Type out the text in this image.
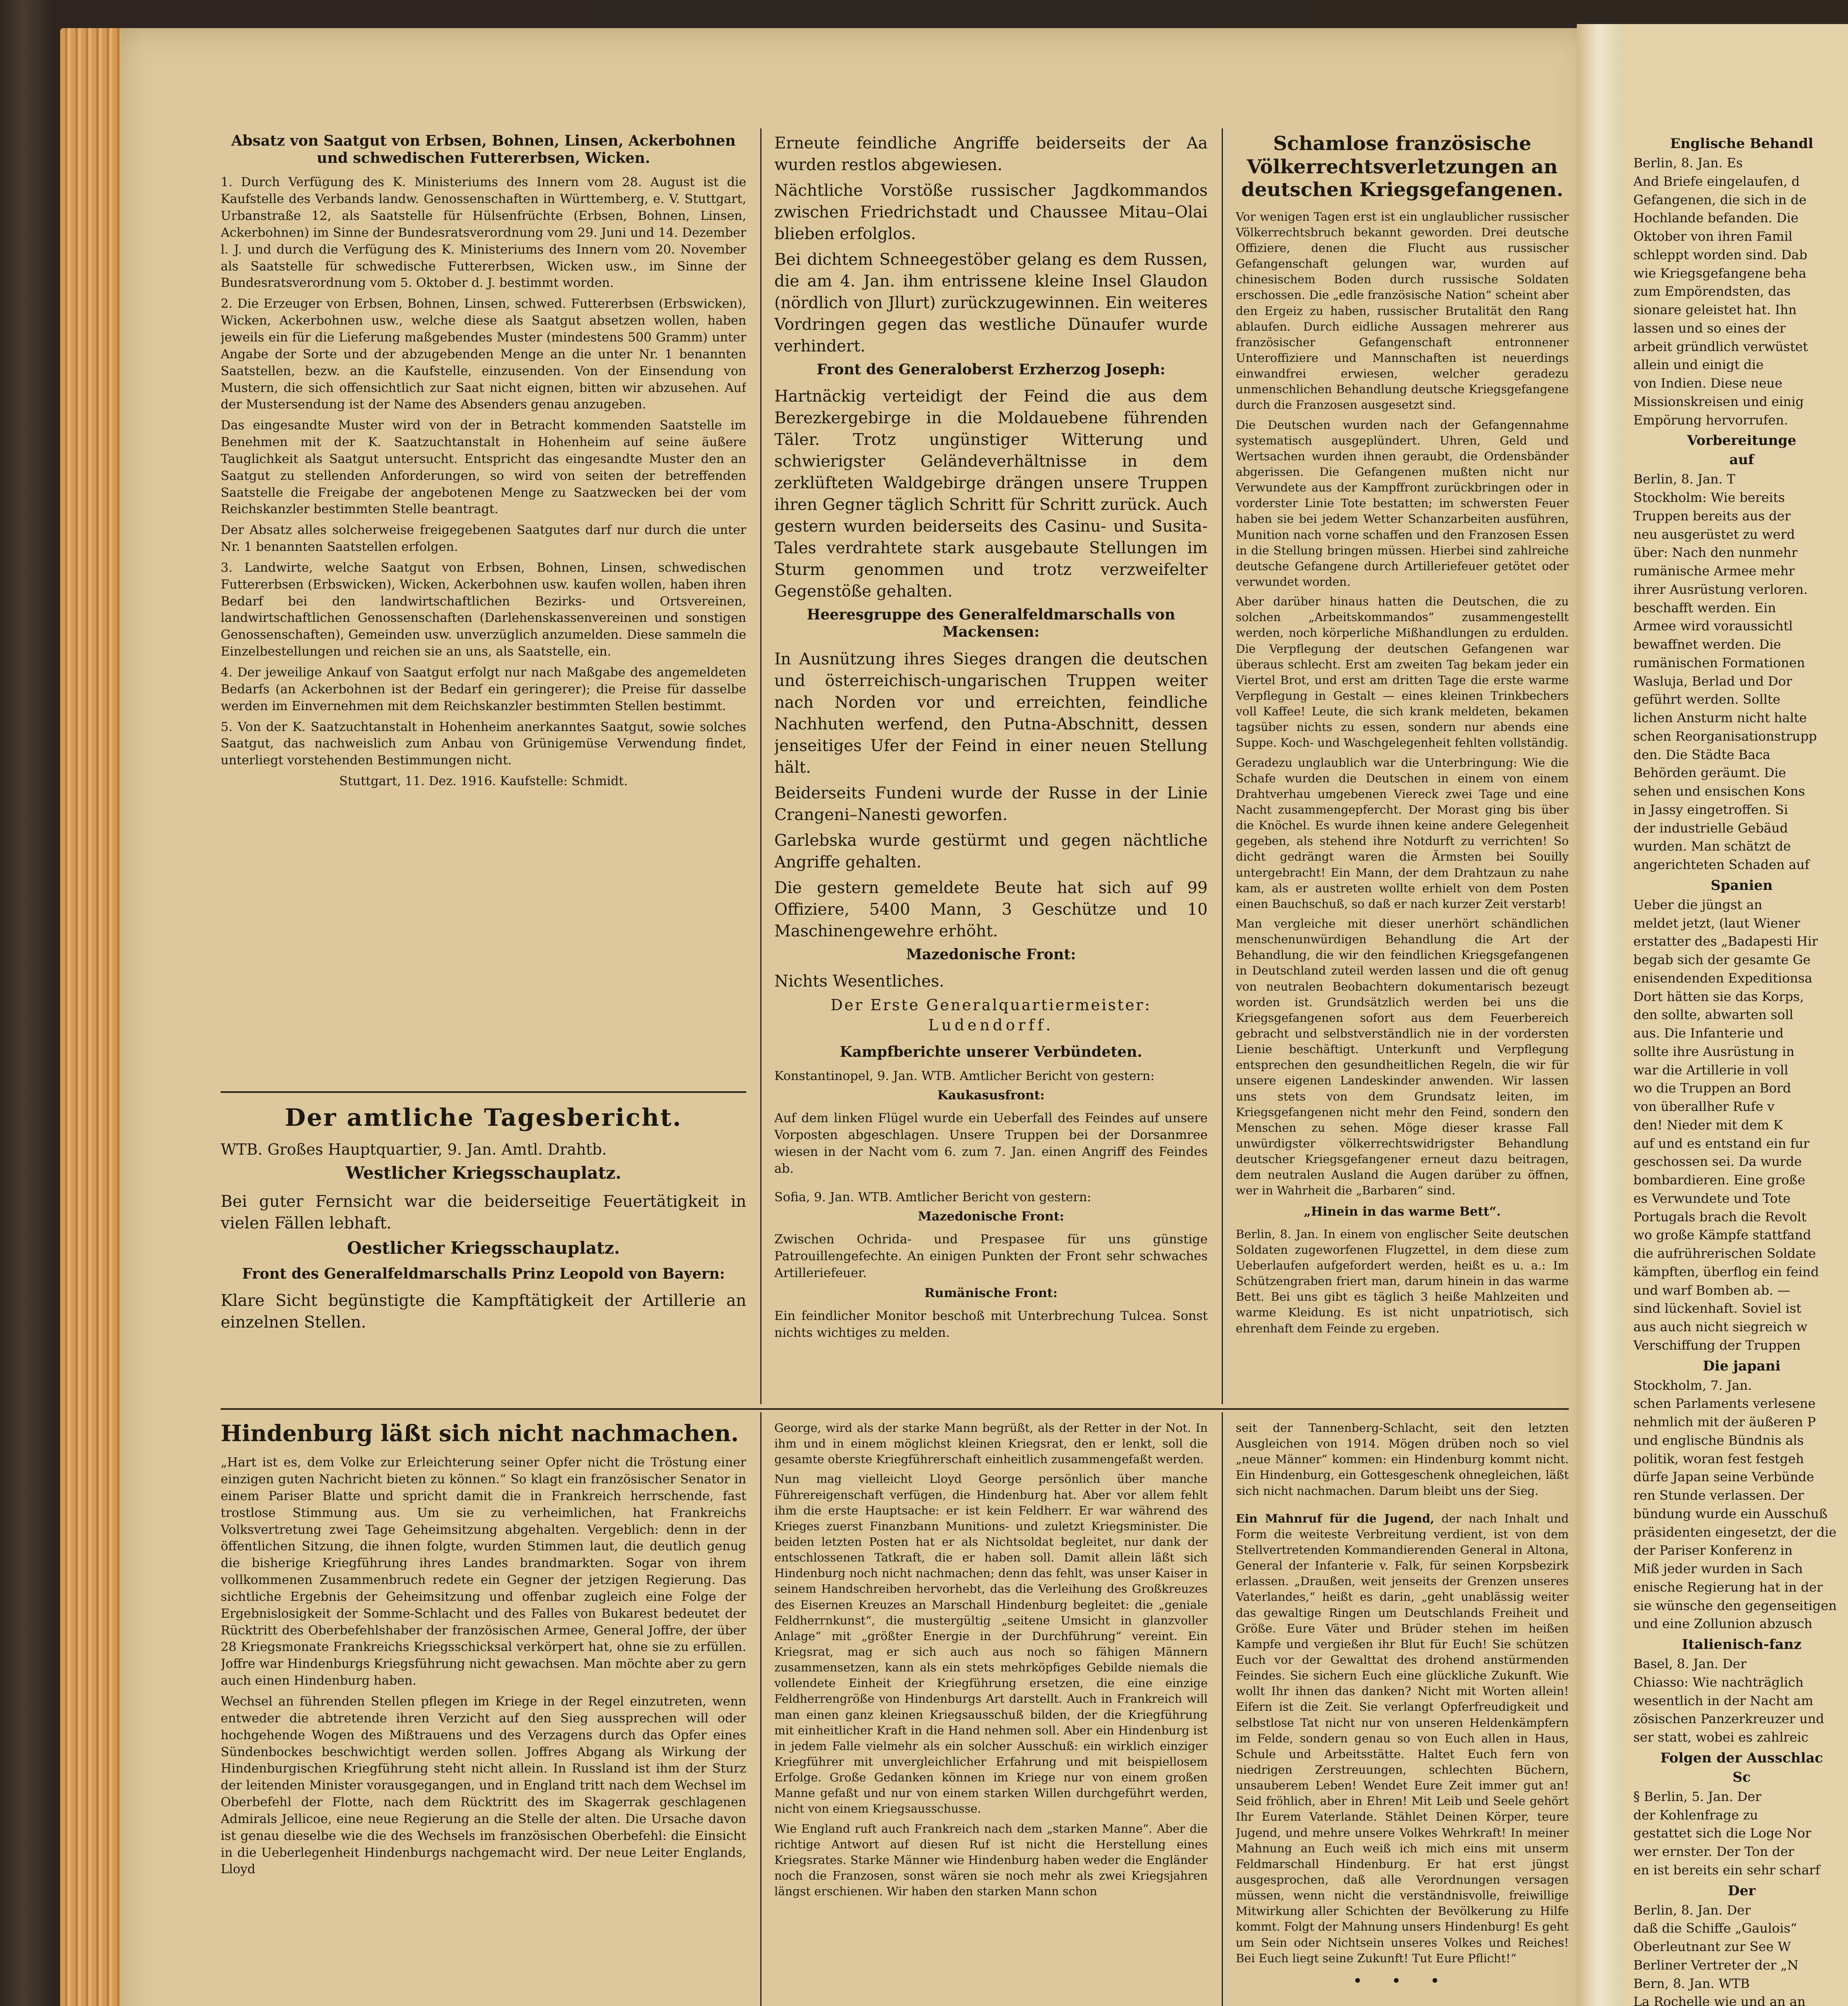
Absatz von Saatgut von Erbsen, Bohnen, Linsen, Ackerbohnen und schwedischen Futtererbsen, Wicken.

1. Durch Verfügung des K. Ministeriums des Innern vom 28. August ist die Kaufstelle des Verbands landw. Genossenschaften in Württemberg, e. V. Stuttgart, Urbanstraße 12, als Saatstelle für Hülsenfrüchte (Erbsen, Bohnen, Linsen, Ackerbohnen) im Sinne der Bundesratsverordnung vom 29. Juni und 14. Dezember l. J. und durch die Verfügung des K. Ministeriums des Innern vom 20. November als Saatstelle für schwedische Futtererbsen, Wicken usw., im Sinne der Bundesratsverordnung vom 5. Oktober d. J. bestimmt worden.

2. Die Erzeuger von Erbsen, Bohnen, Linsen, schwed. Futtererbsen (Erbswicken), Wicken, Ackerbohnen usw., welche diese als Saatgut absetzen wollen, haben jeweils ein für die Lieferung maßgebendes Muster (mindestens 500 Gramm) unter Angabe der Sorte und der abzugebenden Menge an die unter Nr. 1 benannten Saatstellen, bezw. an die Kaufstelle, einzusenden. Von der Einsendung von Mustern, die sich offensichtlich zur Saat nicht eignen, bitten wir abzusehen. Auf der Mustersendung ist der Name des Absenders genau anzugeben.

Das eingesandte Muster wird von der in Betracht kommenden Saatstelle im Benehmen mit der K. Saatzuchtanstalt in Hohenheim auf seine äußere Tauglichkeit als Saatgut untersucht. Entspricht das eingesandte Muster den an Saatgut zu stellenden Anforderungen, so wird von seiten der betreffenden Saatstelle die Freigabe der angebotenen Menge zu Saatzwecken bei der vom Reichskanzler bestimmten Stelle beantragt.

Der Absatz alles solcherweise freigegebenen Saatgutes darf nur durch die unter Nr. 1 benannten Saatstellen erfolgen.

3. Landwirte, welche Saatgut von Erbsen, Bohnen, Linsen, schwedischen Futtererbsen (Erbswicken), Wicken, Ackerbohnen usw. kaufen wollen, haben ihren Bedarf bei den landwirtschaftlichen Bezirks- und Ortsvereinen, landwirtschaftlichen Genossenschaften (Darlehenskassenvereinen und sonstigen Genossenschaften), Gemeinden usw. unverzüglich anzumelden. Diese sammeln die Einzelbestellungen und reichen sie an uns, als Saatstelle, ein.

4. Der jeweilige Ankauf von Saatgut erfolgt nur nach Maßgabe des angemeldeten Bedarfs (an Ackerbohnen ist der Bedarf ein geringerer); die Preise für dasselbe werden im Einvernehmen mit dem Reichskanzler bestimmten Stellen bestimmt.

5. Von der K. Saatzuchtanstalt in Hohenheim anerkanntes Saatgut, sowie solches Saatgut, das nachweislich zum Anbau von Grünigemüse Verwendung findet, unterliegt vorstehenden Bestimmungen nicht.

Stuttgart, 11. Dez. 1916. Kaufstelle: Schmidt.

Der amtliche Tagesbericht.

WTB. Großes Hauptquartier, 9. Jan. Amtl. Drahtb.

Westlicher Kriegsschauplatz.

Bei guter Fernsicht war die beiderseitige Feuertätigkeit in vielen Fällen lebhaft.

Oestlicher Kriegsschauplatz.
Front des Generalfeldmarschalls Prinz Leopold von Bayern:

Klare Sicht begünstigte die Kampftätigkeit der Artillerie an einzelnen Stellen.

Erneute feindliche Angriffe beiderseits der Aa wurden restlos abgewiesen.

Nächtliche Vorstöße russischer Jagdkommandos zwischen Friedrichstadt und Chaussee Mitau–Olai blieben erfolglos.

Bei dichtem Schneegestöber gelang es dem Russen, die am 4. Jan. ihm entrissene kleine Insel Glaudon (nördlich von Jllurt) zurückzugewinnen. Ein weiteres Vordringen gegen das westliche Dünaufer wurde verhindert.

Front des Generaloberst Erzherzog Joseph:

Hartnäckig verteidigt der Feind die aus dem Berezkergebirge in die Moldauebene führenden Täler. Trotz ungünstiger Witterung und schwierigster Geländeverhältnisse in dem zerklüfteten Waldgebirge drängen unsere Truppen ihren Gegner täglich Schritt für Schritt zurück. Auch gestern wurden beiderseits des Casinu- und Susita-Tales verdrahtete stark ausgebaute Stellungen im Sturm genommen und trotz verzweifelter Gegenstöße gehalten.

Heeresgruppe des Generalfeldmarschalls von Mackensen:

In Ausnützung ihres Sieges drangen die deutschen und österreichisch-ungarischen Truppen weiter nach Norden vor und erreichten, feindliche Nachhuten werfend, den Putna-Abschnitt, dessen jenseitiges Ufer der Feind in einer neuen Stellung hält.

Beiderseits Fundeni wurde der Russe in der Linie Crangeni–Nanesti geworfen.

Garlebska wurde gestürmt und gegen nächtliche Angriffe gehalten.

Die gestern gemeldete Beute hat sich auf 99 Offiziere, 5400 Mann, 3 Geschütze und 10 Maschinengewehre erhöht.

Mazedonische Front:

Nichts Wesentliches.

Der Erste Generalquartiermeister:
Ludendorff.
Kampfberichte unserer Verbündeten.

Konstantinopel, 9. Jan. WTB. Amtlicher Bericht von gestern:

Kaukasusfront:

Auf dem linken Flügel wurde ein Ueberfall des Feindes auf unsere Vorposten abgeschlagen. Unsere Truppen bei der Dorsanmree wiesen in der Nacht vom 6. zum 7. Jan. einen Angriff des Feindes ab.

Sofia, 9. Jan. WTB. Amtlicher Bericht von gestern:

Mazedonische Front:

Zwischen Ochrida- und Prespasee für uns günstige Patrouillengefechte. An einigen Punkten der Front sehr schwaches Artilleriefeuer.

Rumänische Front:

Ein feindlicher Monitor beschoß mit Unterbrechung Tulcea. Sonst nichts wichtiges zu melden.

Schamlose französische Völkerrechtsverletzungen an deutschen Kriegsgefangenen.

Vor wenigen Tagen erst ist ein unglaublicher russischer Völkerrechtsbruch bekannt geworden. Drei deutsche Offiziere, denen die Flucht aus russischer Gefangenschaft gelungen war, wurden auf chinesischem Boden durch russische Soldaten erschossen. Die „edle französische Nation“ scheint aber den Ergeiz zu haben, russischer Brutalität den Rang ablaufen. Durch eidliche Aussagen mehrerer aus französischer Gefangenschaft entronnener Unteroffiziere und Mannschaften ist neuerdings einwandfrei erwiesen, welcher geradezu unmenschlichen Behandlung deutsche Kriegsgefangene durch die Franzosen ausgesetzt sind.

Die Deutschen wurden nach der Gefangennahme systematisch ausgeplündert. Uhren, Geld und Wertsachen wurden ihnen geraubt, die Ordensbänder abgerissen. Die Gefangenen mußten nicht nur Verwundete aus der Kampffront zurückbringen oder in vorderster Linie Tote bestatten; im schwersten Feuer haben sie bei jedem Wetter Schanzarbeiten ausführen, Munition nach vorne schaffen und den Franzosen Essen in die Stellung bringen müssen. Hierbei sind zahlreiche deutsche Gefangene durch Artilleriefeuer getötet oder verwundet worden.

Aber darüber hinaus hatten die Deutschen, die zu solchen „Arbeitskommandos“ zusammengestellt werden, noch körperliche Mißhandlungen zu erdulden. Die Verpflegung der deutschen Gefangenen war überaus schlecht. Erst am zweiten Tag bekam jeder ein Viertel Brot, und erst am dritten Tage die erste warme Verpflegung in Gestalt — eines kleinen Trinkbechers voll Kaffee! Leute, die sich krank meldeten, bekamen tagsüber nichts zu essen, sondern nur abends eine Suppe. Koch- und Waschgelegenheit fehlten vollständig.

Geradezu unglaublich war die Unterbringung: Wie die Schafe wurden die Deutschen in einem von einem Drahtverhau umgebenen Viereck zwei Tage und eine Nacht zusammengepfercht. Der Morast ging bis über die Knöchel. Es wurde ihnen keine andere Gelegenheit gegeben, als stehend ihre Notdurft zu verrichten! So dicht gedrängt waren die Ärmsten bei Souilly untergebracht! Ein Mann, der dem Drahtzaun zu nahe kam, als er austreten wollte erhielt von dem Posten einen Bauchschuß, so daß er nach kurzer Zeit verstarb!

Man vergleiche mit dieser unerhört schändlichen menschenunwürdigen Behandlung die Art der Behandlung, die wir den feindlichen Kriegsgefangenen in Deutschland zuteil werden lassen und die oft genug von neutralen Beobachtern dokumentarisch bezeugt worden ist. Grundsätzlich werden bei uns die Kriegsgefangenen sofort aus dem Feuerbereich gebracht und selbstverständlich nie in der vordersten Lienie beschäftigt. Unterkunft und Verpflegung entsprechen den gesundheitlichen Regeln, die wir für unsere eigenen Landeskinder anwenden. Wir lassen uns stets von dem Grundsatz leiten, im Kriegsgefangenen nicht mehr den Feind, sondern den Menschen zu sehen. Möge dieser krasse Fall unwürdigster völkerrechtswidrigster Behandlung deutscher Kriegsgefangener erneut dazu beitragen, dem neutralen Ausland die Augen darüber zu öffnen, wer in Wahrheit die „Barbaren“ sind.

„Hinein in das warme Bett“.

Berlin, 8. Jan. In einem von englischer Seite deutschen Soldaten zugeworfenen Flugzettel, in dem diese zum Ueberlaufen aufgefordert werden, heißt es u. a.: Im Schützengraben friert man, darum hinein in das warme Bett. Bei uns gibt es täglich 3 heiße Mahlzeiten und warme Kleidung. Es ist nicht unpatriotisch, sich ehrenhaft dem Feinde zu ergeben.

Hindenburg läßt sich nicht nachmachen.

„Hart ist es, dem Volke zur Erleichterung seiner Opfer nicht die Tröstung einer einzigen guten Nachricht bieten zu können.“ So klagt ein französischer Senator in einem Pariser Blatte und spricht damit die in Frankreich herrschende, fast trostlose Stimmung aus. Um sie zu verheimlichen, hat Frankreichs Volksvertretung zwei Tage Geheimsitzung abgehalten. Vergeblich: denn in der öffentlichen Sitzung, die ihnen folgte, wurden Stimmen laut, die deutlich genug die bisherige Kriegführung ihres Landes brandmarkten. Sogar von ihrem vollkommenen Zusammenbruch redete ein Gegner der jetzigen Regierung. Das sichtliche Ergebnis der Geheimsitzung und offenbar zugleich eine Folge der Ergebnislosigkeit der Somme-Schlacht und des Falles von Bukarest bedeutet der Rücktritt des Oberbefehlshaber der französischen Armee, General Joffre, der über 28 Kriegsmonate Frankreichs Kriegsschicksal verkörpert hat, ohne sie zu erfüllen. Joffre war Hindenburgs Kriegsführung nicht gewachsen. Man möchte aber zu gern auch einen Hindenburg haben.

Wechsel an führenden Stellen pflegen im Kriege in der Regel einzutreten, wenn entweder die abtretende ihren Verzicht auf den Sieg aussprechen will oder hochgehende Wogen des Mißtrauens und des Verzagens durch das Opfer eines Sündenbockes beschwichtigt werden sollen. Joffres Abgang als Wirkung der Hindenburgischen Kriegführung steht nicht allein. In Russland ist ihm der Sturz der leitenden Minister vorausgegangen, und in England tritt nach dem Wechsel im Oberbefehl der Flotte, nach dem Rücktritt des im Skagerrak geschlagenen Admirals Jellicoe, eine neue Regierung an die Stelle der alten. Die Ursache davon ist genau dieselbe wie die des Wechsels im französischen Oberbefehl: die Einsicht in die Ueberlegenheit Hindenburgs nachgemacht wird. Der neue Leiter Englands, Lloyd

George, wird als der starke Mann begrüßt, als der Retter in der Not. In ihm und in einem möglichst kleinen Kriegsrat, den er lenkt, soll die gesamte oberste Kriegführerschaft einheitlich zusammengefaßt werden.

Nun mag vielleicht Lloyd George persönlich über manche Führereigenschaft verfügen, die Hindenburg hat. Aber vor allem fehlt ihm die erste Hauptsache: er ist kein Feldherr. Er war während des Krieges zuerst Finanzbann Munitions- und zuletzt Kriegsminister. Die beiden letzten Posten hat er als Nichtsoldat begleitet, nur dank der entschlossenen Tatkraft, die er haben soll. Damit allein läßt sich Hindenburg noch nicht nachmachen; denn das fehlt, was unser Kaiser in seinem Handschreiben hervorhebt, das die Verleihung des Großkreuzes des Eisernen Kreuzes an Marschall Hindenburg begleitet: die „geniale Feldherrnkunst“, die mustergültig „seitene Umsicht in glanzvoller Anlage“ mit „größter Energie in der Durchführung“ vereint. Ein Kriegsrat, mag er sich auch aus noch so fähigen Männern zusammensetzen, kann als ein stets mehrköpfiges Gebilde niemals die vollendete Einheit der Kriegführung ersetzen, die eine einzige Feldherrengröße von Hindenburgs Art darstellt. Auch in Frankreich will man einen ganz kleinen Kriegsausschuß bilden, der die Kriegführung mit einheitlicher Kraft in die Hand nehmen soll. Aber ein Hindenburg ist in jedem Falle vielmehr als ein solcher Ausschuß: ein wirklich einziger Kriegführer mit unvergleichlicher Erfahrung und mit beispiellosem Erfolge. Große Gedanken können im Kriege nur von einem großen Manne gefaßt und nur von einem starken Willen durchgeführt werden, nicht von einem Kriegsausschusse.

Wie England ruft auch Frankreich nach dem „starken Manne“. Aber die richtige Antwort auf diesen Ruf ist nicht die Herstellung eines Kriegsrates. Starke Männer wie Hindenburg haben weder die Engländer noch die Franzosen, sonst wären sie noch mehr als zwei Kriegsjahren längst erschienen. Wir haben den starken Mann schon

seit der Tannenberg-Schlacht, seit den letzten Ausgleichen von 1914. Mögen drüben noch so viel „neue Männer“ kommen: ein Hindenburg kommt nicht. Ein Hindenburg, ein Gottesgeschenk ohnegleichen, läßt sich nicht nachmachen. Darum bleibt uns der Sieg.

Ein Mahnruf für die Jugend, der nach Inhalt und Form die weiteste Verbreitung verdient, ist von dem Stellvertretenden Kommandierenden General in Altona, General der Infanterie v. Falk, für seinen Korpsbezirk erlassen. „Draußen, weit jenseits der Grenzen unseres Vaterlandes,“ heißt es darin, „geht unablässig weiter das gewaltige Ringen um Deutschlands Freiheit und Größe. Eure Väter und Brüder stehen im heißen Kampfe und vergießen ihr Blut für Euch! Sie schützen Euch vor der Gewalttat des drohend anstürmenden Feindes. Sie sichern Euch eine glückliche Zukunft. Wie wollt Ihr ihnen das danken? Nicht mit Worten allein! Eifern ist die Zeit. Sie verlangt Opferfreudigkeit und selbstlose Tat nicht nur von unseren Heldenkämpfern im Felde, sondern genau so von Euch allen in Haus, Schule und Arbeitsstätte. Haltet Euch fern von niedrigen Zerstreuungen, schlechten Büchern, unsauberem Leben! Wendet Eure Zeit immer gut an! Seid fröhlich, aber in Ehren! Mit Leib und Seele gehört Ihr Eurem Vaterlande. Stählet Deinen Körper, teure Jugend, und mehre unsere Volkes Wehrkraft! In meiner Mahnung an Euch weiß ich mich eins mit unserm Feldmarschall Hindenburg. Er hat erst jüngst ausgesprochen, daß alle Verordnungen versagen müssen, wenn nicht die verständnisvolle, freiwillige Mitwirkung aller Schichten der Bevölkerung zu Hilfe kommt. Folgt der Mahnung unsers Hindenburg! Es geht um Sein oder Nichtsein unseres Volkes und Reiches! Bei Euch liegt seine Zukunft! Tut Eure Pflicht!“

• • •
Englische Behandl
Berlin, 8. Jan. Es
And Briefe eingelaufen, d
Gefangenen, die sich in de
Hochlande befanden. Die
Oktober von ihren Famil
schleppt worden sind. Dab
wie Kriegsgefangene beha
zum Empörendsten, das
sionare geleistet hat. Ihn
lassen und so eines der
arbeit gründlich verwüstet
allein und einigt die
von Indien. Diese neue
Missionskreisen und einig
Empörung hervorrufen.
Vorbereitunge
auf
Berlin, 8. Jan. T
Stockholm: Wie bereits
Truppen bereits aus der
neu ausgerüstet zu werd
über: Nach den nunmehr
rumänische Armee mehr
ihrer Ausrüstung verloren.
beschafft werden. Ein
Armee wird voraussichtl
bewaffnet werden. Die
rumänischen Formationen
Wasluja, Berlad und Dor
geführt werden. Sollte
lichen Ansturm nicht halte
schen Reorganisationstrupp
den. Die Städte Baca
Behörden geräumt. Die
sehen und ensischen Kons
in Jassy eingetroffen. Si
der industrielle Gebäud
wurden. Man schätzt de
angerichteten Schaden auf
Spanien
Ueber die jüngst an
meldet jetzt, (laut Wiener
erstatter des „Badapesti Hir
begab sich der gesamte Ge
enisendenden Expeditionsa
Dort hätten sie das Korps,
den sollte, abwarten soll
aus. Die Infanterie und
sollte ihre Ausrüstung in
war die Artillerie in voll
wo die Truppen an Bord
von überallher Rufe v
den! Nieder mit dem K
auf und es entstand ein fur
geschossen sei. Da wurde
bombardieren. Eine große
es Verwundete und Tote
Portugals brach die Revolt
wo große Kämpfe stattfand
die aufrührerischen Soldate
kämpften, überflog ein feind
und warf Bomben ab. —
sind lückenhaft. Soviel ist
aus auch nicht siegreich w
Verschiffung der Truppen
Die japani
Stockholm, 7. Jan.
schen Parlaments verlesene
nehmlich mit der äußeren P
und englische Bündnis als
politik, woran fest festgeh
dürfe Japan seine Verbünde
ren Stunde verlassen. Der
bündung wurde ein Ausschuß
präsidenten eingesetzt, der die
der Pariser Konferenz in
Miß jeder wurden in Sach
enische Regierung hat in der
sie wünsche den gegenseitigen
und eine Zollunion abzusch
Italienisch-fanz
Basel, 8. Jan. Der
Chiasso: Wie nachträglich
wesentlich in der Nacht am
zösischen Panzerkreuzer und
ser statt, wobei es zahlreic
Folgen der Ausschlac
Sc
§ Berlin, 5. Jan. Der
der Kohlenfrage zu
gestattet sich die Loge Nor
wer ernster. Der Ton der
en ist bereits ein sehr scharf
Der
Berlin, 8. Jan. Der
daß die Schiffe „Gaulois“
Oberleutnant zur See W
Berliner Vertreter der „N
Bern, 8. Jan. WTB
La Rochelle wie und an an
